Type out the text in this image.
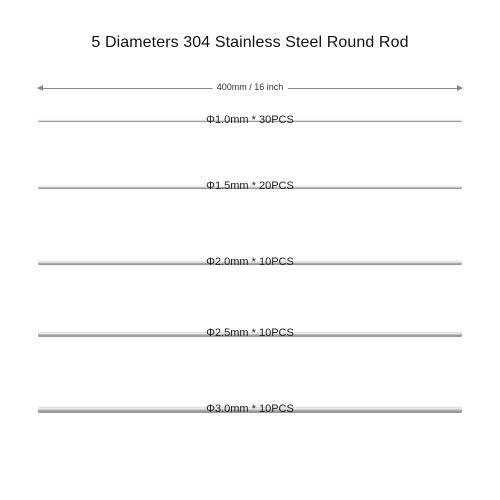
5 Diameters 304 Stainless Steel Round Rod
400mm / 16 inch
Φ1.0mm * 30PCS
Φ1.5mm * 20PCS
Φ2.0mm * 10PCS
Φ2.5mm * 10PCS
Φ3.0mm * 10PCS
